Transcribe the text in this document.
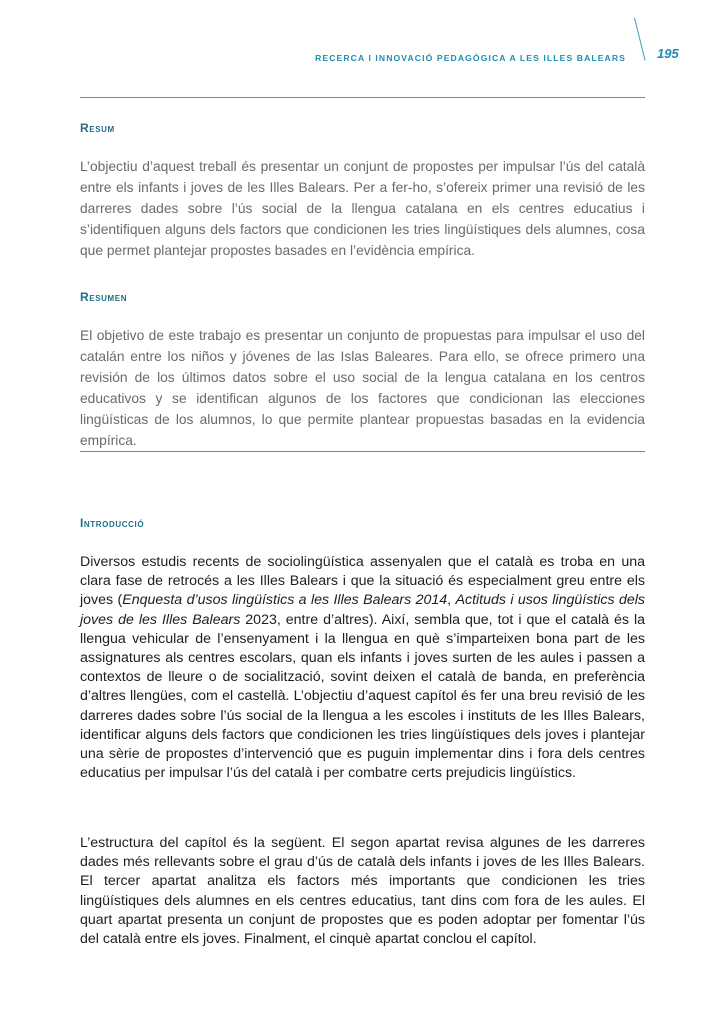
RECERCA I INNOVACIÓ PEDAGÒGICA A LES ILLES BALEARS 195
Resum
L’objectiu d’aquest treball és presentar un conjunt de propostes per impulsar l’ús del català entre els infants i joves de les Illes Balears. Per a fer-ho, s’ofereix primer una revisió de les darreres dades sobre l’ús social de la llengua catalana en els centres educatius i s’identifiquen alguns dels factors que condicionen les tries lingüístiques dels alumnes, cosa que permet plantejar propostes basades en l’evidència empírica.
Resumen
El objetivo de este trabajo es presentar un conjunto de propuestas para impulsar el uso del catalán entre los niños y jóvenes de las Islas Baleares. Para ello, se ofrece primero una revisión de los últimos datos sobre el uso social de la lengua catalana en los centros educativos y se identifican algunos de los factores que condicionan las elecciones lingüísticas de los alumnos, lo que permite plantear propuestas basadas en la evidencia empírica.
Introducció
Diversos estudis recents de sociolingüística assenyalen que el català es troba en una clara fase de retrocés a les Illes Balears i que la situació és especialment greu entre els joves (Enquesta d’usos lingüístics a les Illes Balears 2014, Actituds i usos lingüístics dels joves de les Illes Balears 2023, entre d’altres). Així, sembla que, tot i que el català és la llengua vehicular de l’ensenyament i la llengua en què s’imparteixen bona part de les assignatures als centres escolars, quan els infants i joves surten de les aules i passen a contextos de lleure o de socialització, sovint deixen el català de banda, en preferència d’altres llengües, com el castellà. L’objectiu d’aquest capítol és fer una breu revisió de les darreres dades sobre l’ús social de la llengua a les escoles i instituts de les Illes Balears, identificar alguns dels factors que condicionen les tries lingüístiques dels joves i plantejar una sèrie de propostes d’intervenció que es puguin implementar dins i fora dels centres educatius per impulsar l’ús del català i per combatre certs prejudicis lingüístics.
L’estructura del capítol és la següent. El segon apartat revisa algunes de les darreres dades més rellevants sobre el grau d’ús de català dels infants i joves de les Illes Balears. El tercer apartat analitza els factors més importants que condicionen les tries lingüístiques dels alumnes en els centres educatius, tant dins com fora de les aules. El quart apartat presenta un conjunt de propostes que es poden adoptar per fomentar l’ús del català entre els joves. Finalment, el cinquè apartat conclou el capítol.
